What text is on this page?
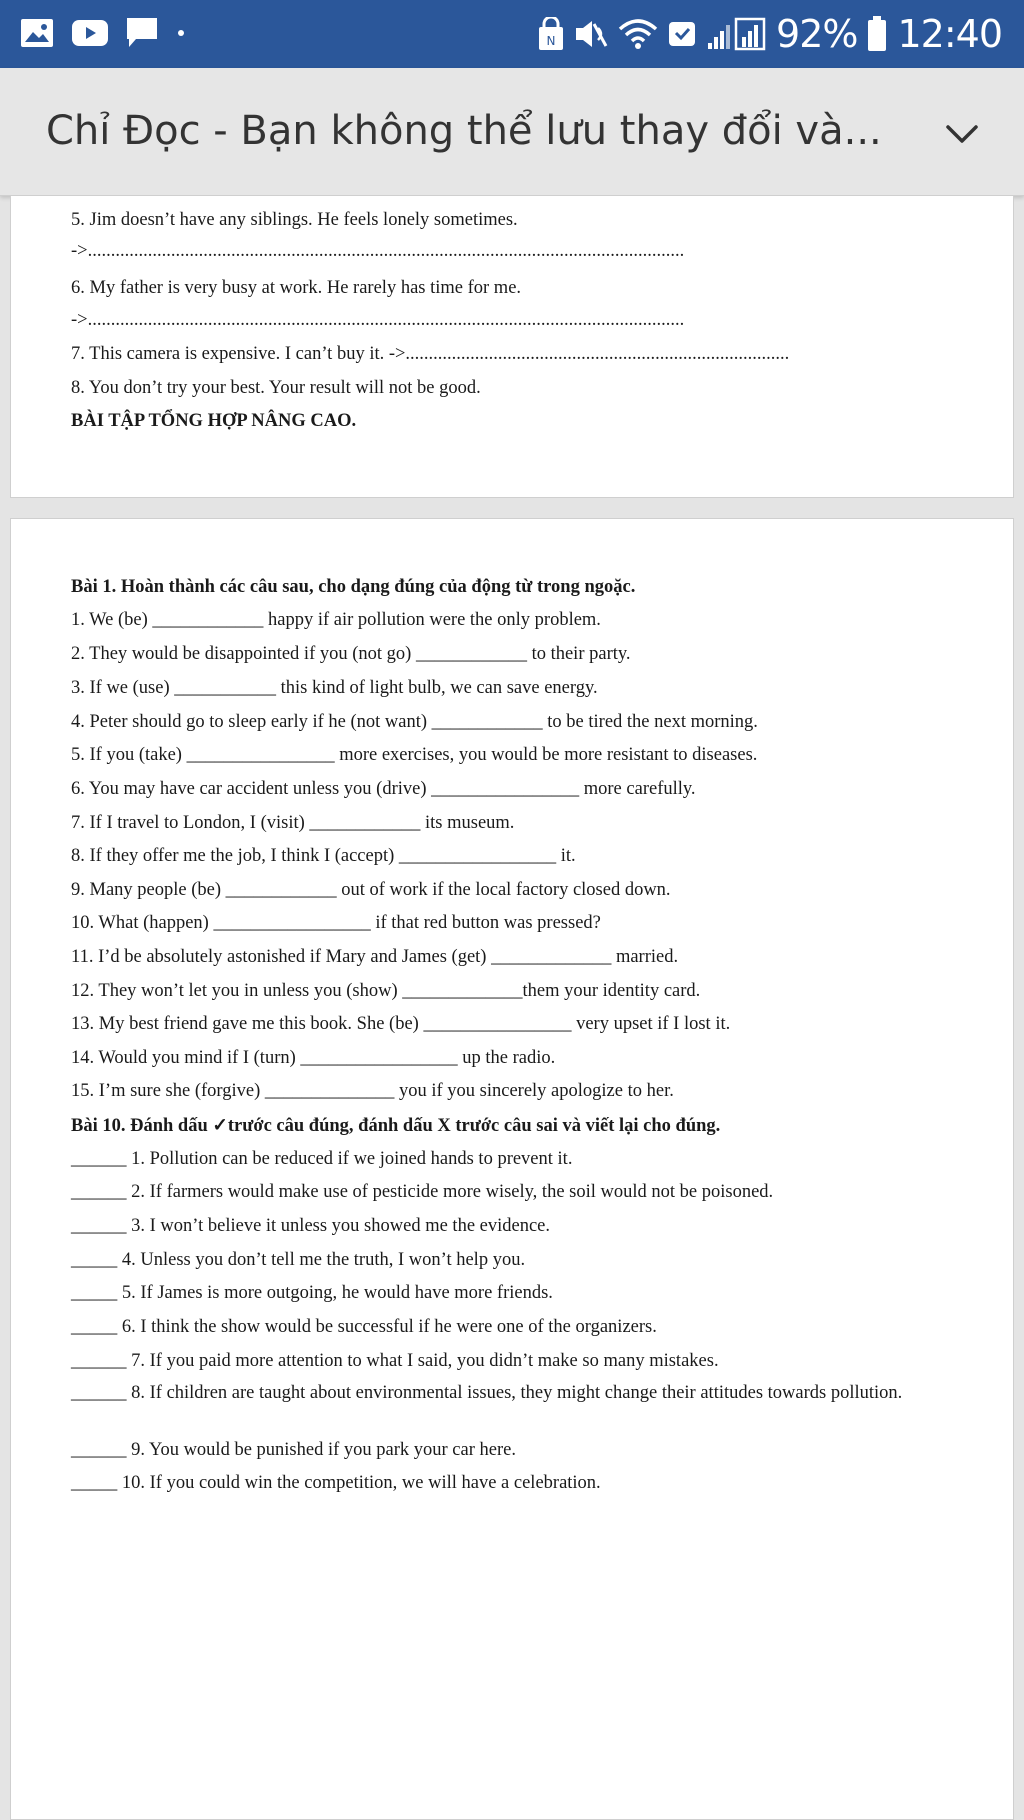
N	92% 12:40
Chỉ Đọc - Bạn không thể lưu thay đổi và...
5. Jim doesn’t have any siblings. He feels lonely sometimes.
->.................................................................................................................................
6. My father is very busy at work. He rarely has time for me.
->.................................................................................................................................
7. This camera is expensive. I can’t buy it. ->...................................................................................
8. You don’t try your best. Your result will not be good.
BÀI TẬP TỔNG HỢP NÂNG CAO.
Bài 1. Hoàn thành các câu sau, cho dạng đúng của động từ trong ngoặc.
1. We (be) ____________ happy if air pollution were the only problem.
2. They would be disappointed if you (not go) ____________ to their party.
3. If we (use) ___________ this kind of light bulb, we can save energy.
4. Peter should go to sleep early if he (not want) ____________ to be tired the next morning.
5. If you (take) ________________ more exercises, you would be more resistant to diseases.
6. You may have car accident unless you (drive) ________________ more carefully.
7. If I travel to London, I (visit) ____________ its museum.
8. If they offer me the job, I think I (accept) _________________ it.
9. Many people (be) ____________ out of work if the local factory closed down.
10. What (happen) _________________ if that red button was pressed?
11. I’d be absolutely astonished if Mary and James (get) _____________ married.
12. They won’t let you in unless you (show) _____________them your identity card.
13. My best friend gave me this book. She (be) ________________ very upset if I lost it.
14. Would you mind if I (turn) _________________ up the radio.
15. I’m sure she (forgive) ______________ you if you sincerely apologize to her.
Bài 10. Đánh dấu ✓trước câu đúng, đánh dấu X trước câu sai và viết lại cho đúng.
______ 1. Pollution can be reduced if we joined hands to prevent it.
______ 2. If farmers would make use of pesticide more wisely, the soil would not be poisoned.
______ 3. I won’t believe it unless you showed me the evidence.
_____ 4. Unless you don’t tell me the truth, I won’t help you.
_____ 5. If James is more outgoing, he would have more friends.
_____ 6. I think the show would be successful if he were one of the organizers.
______ 7. If you paid more attention to what I said, you didn’t make so many mistakes.
______ 8. If children are taught about environmental issues, they might change their attitudes towards pollution.
______ 9. You would be punished if you park your car here.
_____ 10. If you could win the competition, we will have a celebration.
